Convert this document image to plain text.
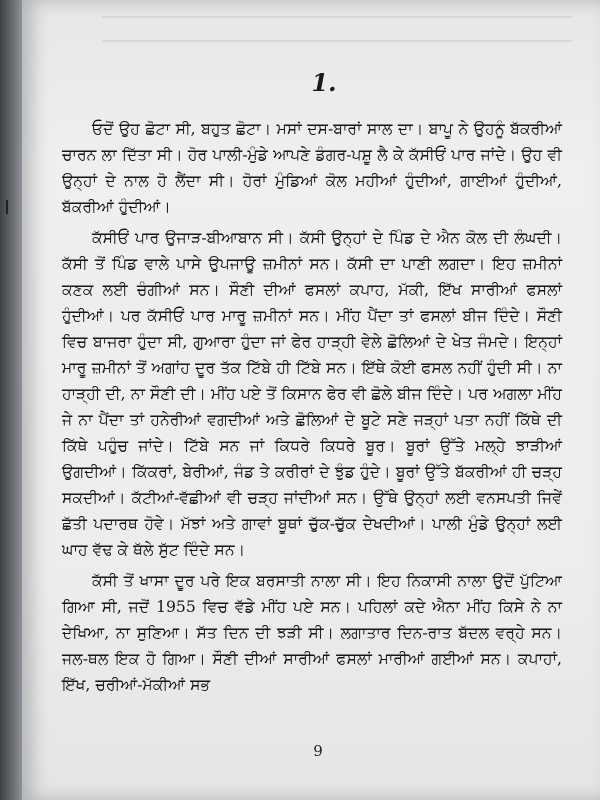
1.

ਓਦੋਂ ਉਹ ਛੋਟਾ ਸੀ, ਬਹੁਤ ਛੋਟਾ। ਮਸਾਂ ਦਸ-ਬਾਰਾਂ ਸਾਲ ਦਾ। ਬਾਪੂ ਨੇ ਉਹਨੂੰ ਬੱਕਰੀਆਂ ਚਾਰਨ ਲਾ ਦਿੱਤਾ ਸੀ। ਹੋਰ ਪਾਲੀ-ਮੁੰਡੇ ਆਪਣੇ ਡੰਗਰ-ਪਸ਼ੂ ਲੈ ਕੇ ਕੱਸੀਓਂ ਪਾਰ ਜਾਂਦੇ। ਉਹ ਵੀ ਉਨ੍ਹਾਂ ਦੇ ਨਾਲ ਹੋ ਲੈਂਦਾ ਸੀ। ਹੋਰਾਂ ਮੁੰਡਿਆਂ ਕੋਲ ਮਹੀਆਂ ਹੁੰਦੀਆਂ, ਗਾਈਆਂ ਹੁੰਦੀਆਂ, ਬੱਕਰੀਆਂ ਹੁੰਦੀਆਂ।

ਕੱਸੀਓਂ ਪਾਰ ਉਜਾੜ-ਬੀਆਬਾਨ ਸੀ। ਕੱਸੀ ਉਨ੍ਹਾਂ ਦੇ ਪਿੰਡ ਦੇ ਐਨ ਕੋਲ ਦੀ ਲੰਘਦੀ। ਕੱਸੀ ਤੋਂ ਪਿੰਡ ਵਾਲੇ ਪਾਸੇ ਉਪਜਾਊ ਜ਼ਮੀਨਾਂ ਸਨ। ਕੱਸੀ ਦਾ ਪਾਣੀ ਲਗਦਾ। ਇਹ ਜ਼ਮੀਨਾਂ ਕਣਕ ਲਈ ਚੰਗੀਆਂ ਸਨ। ਸੌਣੀ ਦੀਆਂ ਫਸਲਾਂ ਕਪਾਹ, ਮੱਕੀ, ਇੱਖ ਸਾਰੀਆਂ ਫਸਲਾਂ ਹੁੰਦੀਆਂ। ਪਰ ਕੱਸੀਓਂ ਪਾਰ ਮਾਰੂ ਜ਼ਮੀਨਾਂ ਸਨ। ਮੀਂਹ ਪੈਂਦਾ ਤਾਂ ਫਸਲਾਂ ਬੀਜ ਦਿੰਦੇ। ਸੌਣੀ ਵਿਚ ਬਾਜਰਾ ਹੁੰਦਾ ਸੀ, ਗੁਆਰਾ ਹੁੰਦਾ ਜਾਂ ਫੇਰ ਹਾੜ੍ਹੀ ਵੇਲੇ ਛੋਲਿਆਂ ਦੇ ਖੇਤ ਜੰਮਦੇ। ਇਨ੍ਹਾਂ ਮਾਰੂ ਜ਼ਮੀਨਾਂ ਤੋਂ ਅਗਾਂਹ ਦੂਰ ਤੱਕ ਟਿੱਬੇ ਹੀ ਟਿੱਬੇ ਸਨ। ਇੱਥੇ ਕੋਈ ਫਸਲ ਨਹੀਂ ਹੁੰਦੀ ਸੀ। ਨਾ ਹਾੜ੍ਹੀ ਦੀ, ਨਾ ਸੌਣੀ ਦੀ। ਮੀਂਹ ਪਏ ਤੋਂ ਕਿਸਾਨ ਫੇਰ ਵੀ ਛੋਲੇ ਬੀਜ ਦਿੰਦੇ। ਪਰ ਅਗਲਾ ਮੀਂਹ ਜੇ ਨਾ ਪੈਂਦਾ ਤਾਂ ਹਨੇਰੀਆਂ ਵਗਦੀਆਂ ਅਤੇ ਛੋਲਿਆਂ ਦੇ ਬੂਟੇ ਸਣੇ ਜੜ੍ਹਾਂ ਪਤਾ ਨਹੀਂ ਕਿੱਥੇ ਦੀ ਕਿੱਥੇ ਪਹੁੰਚ ਜਾਂਦੇ। ਟਿੱਬੇ ਸਨ ਜਾਂ ਕਿਧਰੇ ਕਿਧਰੇ ਬੂਰ। ਬੂਰਾਂ ਉੱਤੇ ਮਲ੍ਹੇ ਝਾੜੀਆਂ ਉਗਦੀਆਂ। ਕਿੱਕਰਾਂ, ਬੇਰੀਆਂ, ਜੰਡ ਤੇ ਕਰੀਰਾਂ ਦੇ ਝੁੰਡ ਹੁੰਦੇ। ਬੂਰਾਂ ਉੱਤੇ ਬੱਕਰੀਆਂ ਹੀ ਚੜ੍ਹ ਸਕਦੀਆਂ। ਕੱਟੀਆਂ-ਵੱਛੀਆਂ ਵੀ ਚੜ੍ਹ ਜਾਂਦੀਆਂ ਸਨ। ਉੱਥੇ ਉਨ੍ਹਾਂ ਲਈ ਵਨਸਪਤੀ ਜਿਵੇਂ ਛੱਤੀ ਪਦਾਰਥ ਹੋਵੇ। ਮੱਝਾਂ ਅਤੇ ਗਾਵਾਂ ਬੂਥਾਂ ਚੁੱਕ-ਚੁੱਕ ਦੇਖਦੀਆਂ। ਪਾਲੀ ਮੁੰਡੇ ਉਨ੍ਹਾਂ ਲਈ ਘਾਹ ਵੱਢ ਕੇ ਥੱਲੇ ਸੁੱਟ ਦਿੰਦੇ ਸਨ।

ਕੱਸੀ ਤੋਂ ਖਾਸਾ ਦੂਰ ਪਰੇ ਇਕ ਬਰਸਾਤੀ ਨਾਲਾ ਸੀ। ਇਹ ਨਿਕਾਸੀ ਨਾਲਾ ਉਦੋਂ ਪੁੱਟਿਆ ਗਿਆ ਸੀ, ਜਦੋਂ 1955 ਵਿਚ ਵੱਡੇ ਮੀਂਹ ਪਏ ਸਨ। ਪਹਿਲਾਂ ਕਦੇ ਐਨਾ ਮੀਂਹ ਕਿਸੇ ਨੇ ਨਾ ਦੇਖਿਆ, ਨਾ ਸੁਣਿਆ। ਸੱਤ ਦਿਨ ਦੀ ਝੜੀ ਸੀ। ਲਗਾਤਾਰ ਦਿਨ-ਰਾਤ ਬੱਦਲ ਵਰ੍ਹੇ ਸਨ। ਜਲ-ਥਲ ਇਕ ਹੋ ਗਿਆ। ਸੌਣੀ ਦੀਆਂ ਸਾਰੀਆਂ ਫਸਲਾਂ ਮਾਰੀਆਂ ਗਈਆਂ ਸਨ। ਕਪਾਹਾਂ, ਇੱਖ, ਚਰੀਆਂ-ਮੱਕੀਆਂ ਸਭ

9
